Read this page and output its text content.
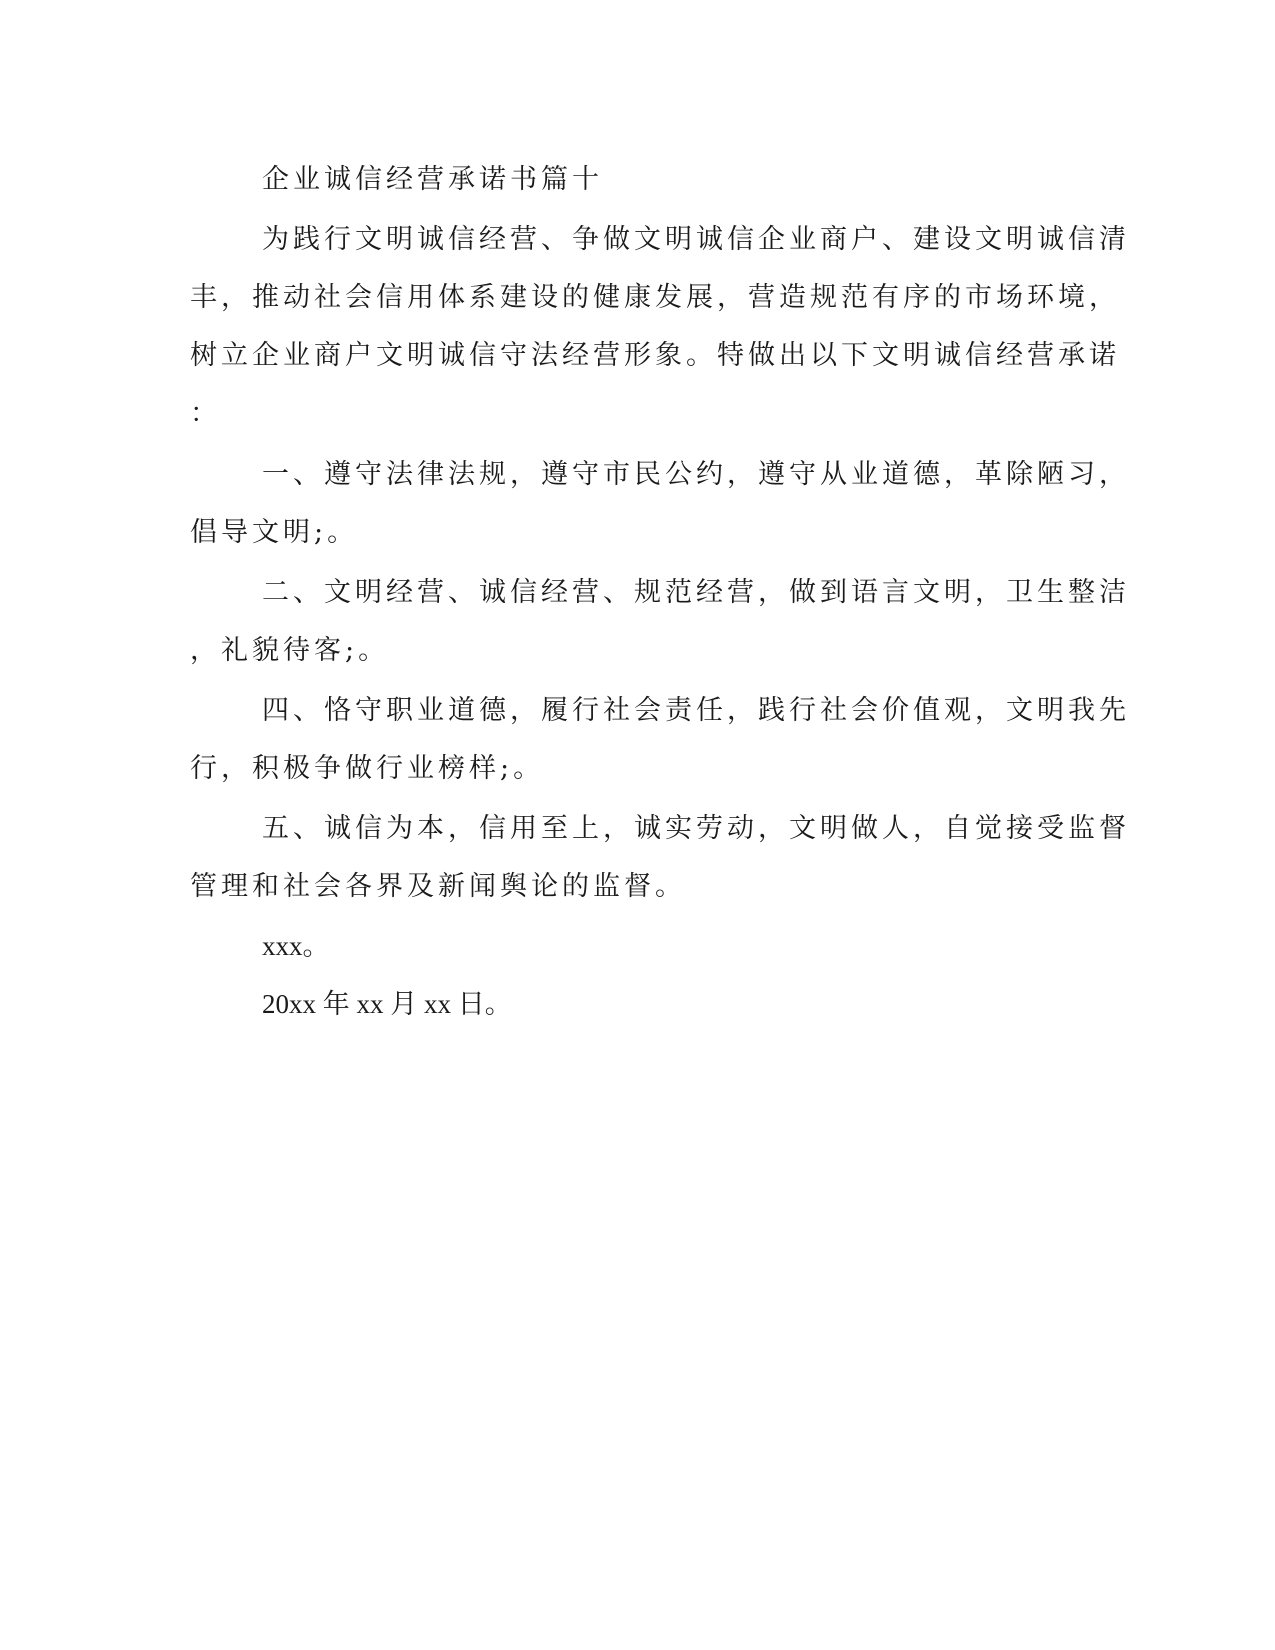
企业诚信经营承诺书篇十
为践行文明诚信经营、争做文明诚信企业商户、建设文明诚信清
丰，推动社会信用体系建设的健康发展，营造规范有序的市场环境，
树立企业商户文明诚信守法经营形象。特做出以下文明诚信经营承诺
：
一、遵守法律法规，遵守市民公约，遵守从业道德，革除陋习，
倡导文明;。
二、文明经营、诚信经营、规范经营，做到语言文明，卫生整洁
，礼貌待客;。
四、恪守职业道德，履行社会责任，践行社会价值观，文明我先
行，积极争做行业榜样;。
五、诚信为本，信用至上，诚实劳动，文明做人，自觉接受监督
管理和社会各界及新闻舆论的监督。
xxx。
20xx 年 xx 月 xx 日。
